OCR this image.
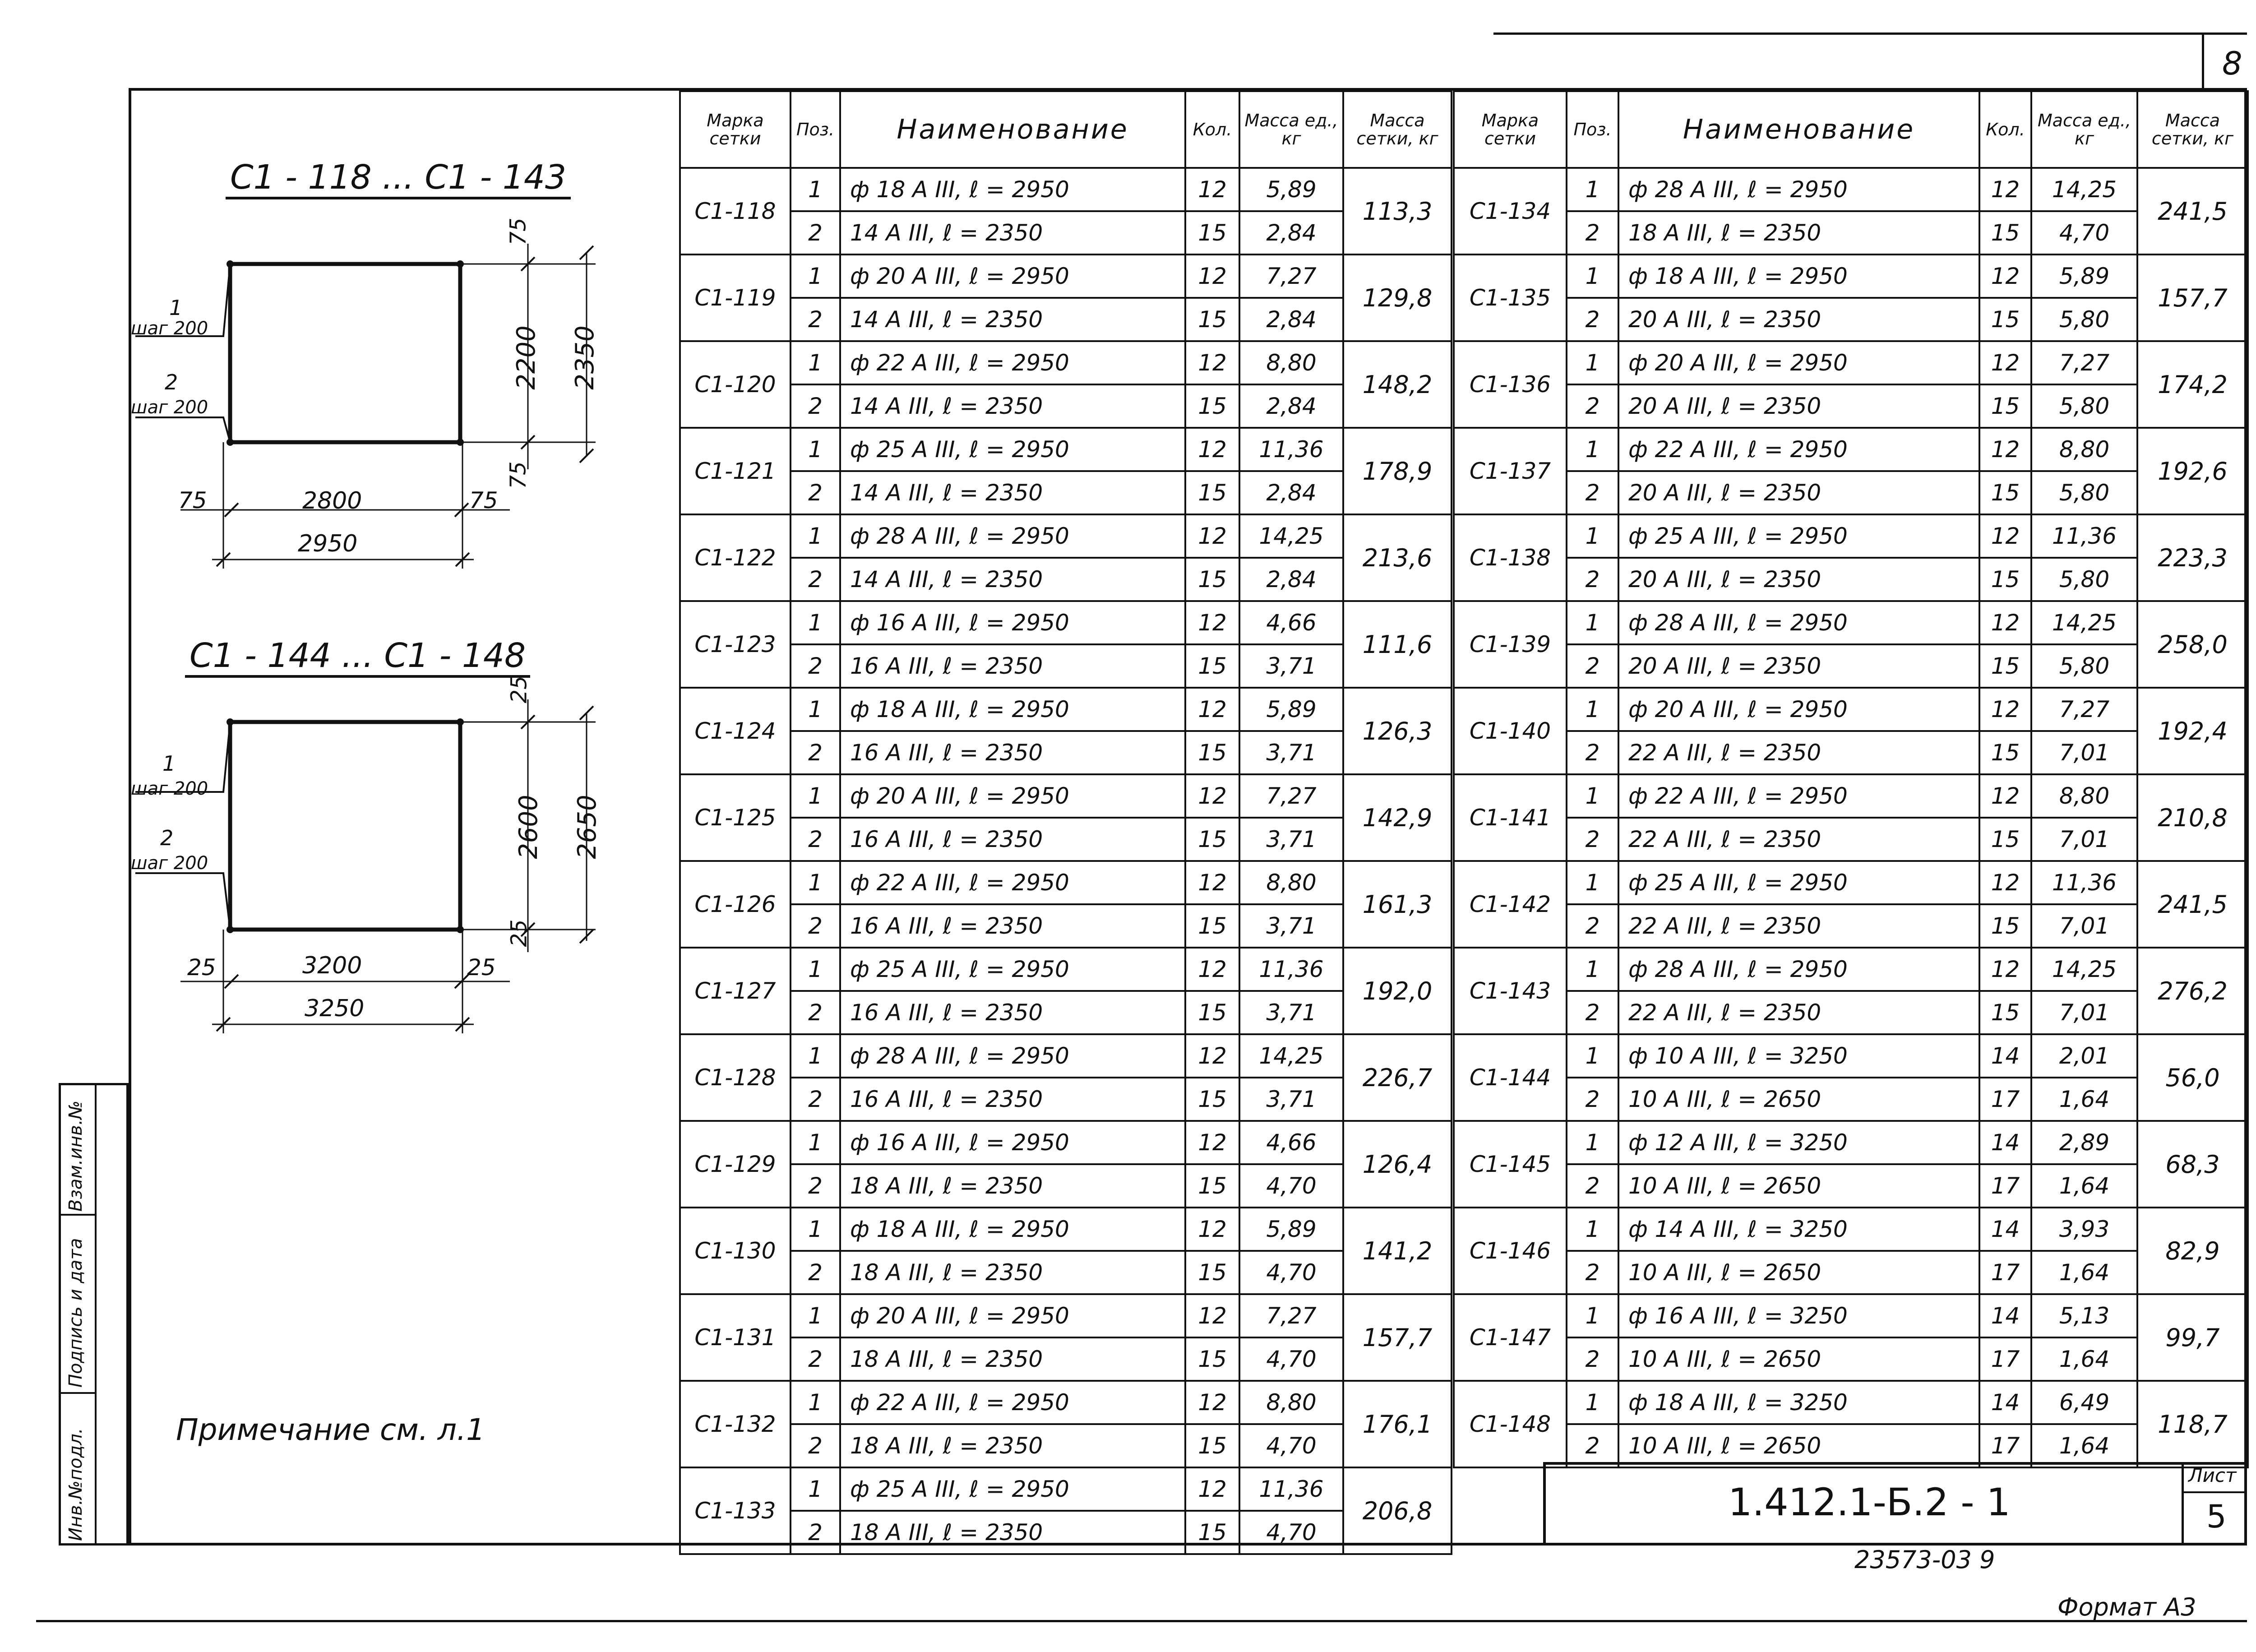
8
Инв.№подл.
Подпись и дата
Взам.инв.№
С1 - 118 ... С1 - 143
1
шаг 200
2
шаг 200
75
2200 2350
75
75	2800	75
2950
С1 - 144 ... С1 - 148
1
шаг 200
2
шаг 200
25
2600 2650
25
25	3200	25
3250
Примечание см. л.1
Марка сетки	Поз.	Наименование	Кол.	Масса ед., кг	Масса сетки, кг
С1-118	1	ф 18 А III, ℓ = 2950	12	5,89	113,3
	2	14 А III, ℓ = 2350	15	2,84	
С1-119	1	ф 20 А III, ℓ = 2950	12	7,27	129,8
	2	14 А III, ℓ = 2350	15	2,84	
С1-120	1	ф 22 А III, ℓ = 2950	12	8,80	148,2
	2	14 А III, ℓ = 2350	15	2,84	
С1-121	1	ф 25 А III, ℓ = 2950	12	11,36	178,9
	2	14 А III, ℓ = 2350	15	2,84	
С1-122	1	ф 28 А III, ℓ = 2950	12	14,25	213,6
	2	14 А III, ℓ = 2350	15	2,84	
С1-123	1	ф 16 А III, ℓ = 2950	12	4,66	111,6
	2	16 А III, ℓ = 2350	15	3,71	
С1-124	1	ф 18 А III, ℓ = 2950	12	5,89	126,3
	2	16 А III, ℓ = 2350	15	3,71	
С1-125	1	ф 20 А III, ℓ = 2950	12	7,27	142,9
	2	16 А III, ℓ = 2350	15	3,71	
С1-126	1	ф 22 А III, ℓ = 2950	12	8,80	161,3
	2	16 А III, ℓ = 2350	15	3,71	
С1-127	1	ф 25 А III, ℓ = 2950	12	11,36	192,0
	2	16 А III, ℓ = 2350	15	3,71	
С1-128	1	ф 28 А III, ℓ = 2950	12	14,25	226,7
	2	16 А III, ℓ = 2350	15	3,71	
С1-129	1	ф 16 А III, ℓ = 2950	12	4,66	126,4
	2	18 А III, ℓ = 2350	15	4,70	
С1-130	1	ф 18 А III, ℓ = 2950	12	5,89	141,2
	2	18 А III, ℓ = 2350	15	4,70	
С1-131	1	ф 20 А III, ℓ = 2950	12	7,27	157,7
	2	18 А III, ℓ = 2350	15	4,70	
С1-132	1	ф 22 А III, ℓ = 2950	12	8,80	176,1
	2	18 А III, ℓ = 2350	15	4,70	
С1-133	1	ф 25 А III, ℓ = 2950	12	11,36	206,8
	2	18 А III, ℓ = 2350	15	4,70	
Марка сетки	Поз.	Наименование	Кол.	Масса ед., кг	Масса сетки, кг
С1-134	1	ф 28 А III, ℓ = 2950	12	14,25	241,5
	2	18 А III, ℓ = 2350	15	4,70	
С1-135	1	ф 18 А III, ℓ = 2950	12	5,89	157,7
	2	20 А III, ℓ = 2350	15	5,80	
С1-136	1	ф 20 А III, ℓ = 2950	12	7,27	174,2
	2	20 А III, ℓ = 2350	15	5,80	
С1-137	1	ф 22 А III, ℓ = 2950	12	8,80	192,6
	2	20 А III, ℓ = 2350	15	5,80	
С1-138	1	ф 25 А III, ℓ = 2950	12	11,36	223,3
	2	20 А III, ℓ = 2350	15	5,80	
С1-139	1	ф 28 А III, ℓ = 2950	12	14,25	258,0
	2	20 А III, ℓ = 2350	15	5,80	
С1-140	1	ф 20 А III, ℓ = 2950	12	7,27	192,4
	2	22 А III, ℓ = 2350	15	7,01	
С1-141	1	ф 22 А III, ℓ = 2950	12	8,80	210,8
	2	22 А III, ℓ = 2350	15	7,01	
С1-142	1	ф 25 А III, ℓ = 2950	12	11,36	241,5
	2	22 А III, ℓ = 2350	15	7,01	
С1-143	1	ф 28 А III, ℓ = 2950	12	14,25	276,2
	2	22 А III, ℓ = 2350	15	7,01	
С1-144	1	ф 10 А III, ℓ = 3250	14	2,01	56,0
	2	10 А III, ℓ = 2650	17	1,64	
С1-145	1	ф 12 А III, ℓ = 3250	14	2,89	68,3
	2	10 А III, ℓ = 2650	17	1,64	
С1-146	1	ф 14 А III, ℓ = 3250	14	3,93	82,9
	2	10 А III, ℓ = 2650	17	1,64	
С1-147	1	ф 16 А III, ℓ = 3250	14	5,13	99,7
	2	10 А III, ℓ = 2650	17	1,64	
С1-148	1	ф 18 А III, ℓ = 3250	14	6,49	118,7
	2	10 А III, ℓ = 2650	17	1,64	
1.412.1-Б.2 - 1
Лист
5
23573-03 9
Формат А3
